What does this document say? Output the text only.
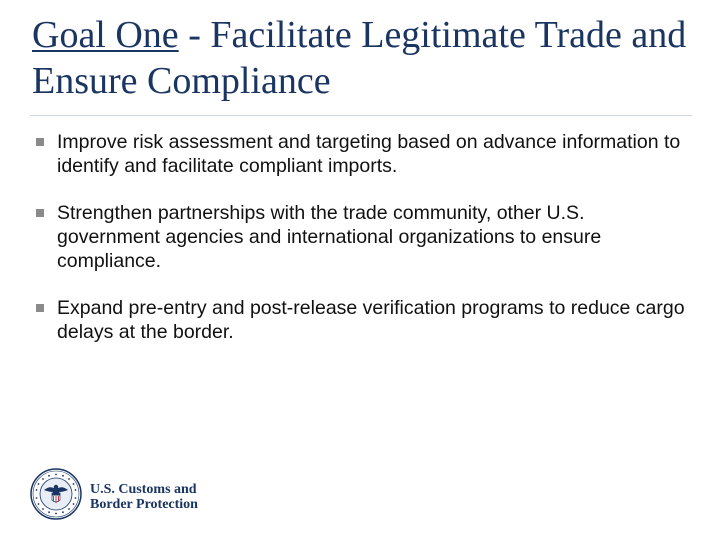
Goal One - Facilitate Legitimate Trade and Ensure Compliance
Improve risk assessment and targeting based on advance information to identify and facilitate compliant imports.
Strengthen partnerships with the trade community, other U.S. government agencies and international organizations to ensure compliance.
Expand pre-entry and post-release verification programs to reduce cargo delays at the border.
U.S. Customs and
Border Protection
